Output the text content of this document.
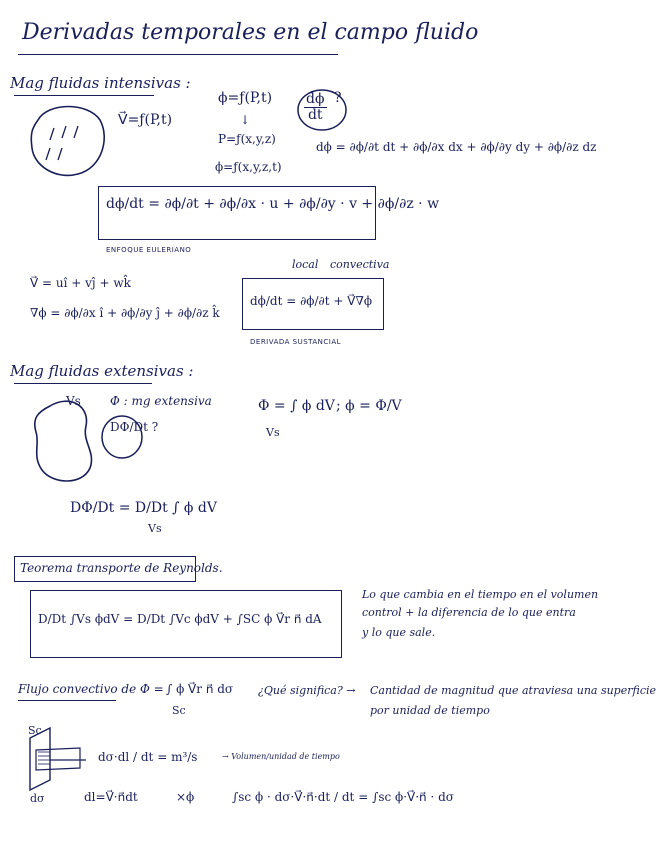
Derivadas temporales en el campo fluido
Mag fluidas intensivas :
V⃗=ƒ(P,t)
ϕ=ƒ(P,t)
↓
P=ƒ(x,y,z)
ϕ=ƒ(x,y,z,t)
$\frac{d\phi}{dt}$ ?
dϕ = ∂ϕ/∂t dt + ∂ϕ/∂x dx + ∂ϕ/∂y dy + ∂ϕ/∂z dz
dϕ/dt = ∂ϕ/∂t + ∂ϕ/∂x · u + ∂ϕ/∂y · v + ∂ϕ/∂z · w
ENFOQUE EULERIANO
V⃗ = uî + vĵ + wk̂
∇ϕ = ∂ϕ/∂x î + ∂ϕ/∂y ĵ + ∂ϕ/∂z k̂
local convectiva
dϕ/dt = ∂ϕ/∂t + V⃗∇ϕ
DERIVADA SUSTANCIAL
Mag fluidas extensivas :
Vs Φ : mg extensiva
DΦ/Dt ?
Φ = ∫ ϕ dV
Vs
; ϕ = Φ/V
DΦ/Dt = D/Dt ∫ ϕ dV
Vs
Teorema transporte de Reynolds.
D/Dt ∫Vs ϕdV = D/Dt ∫Vc ϕdV + ∫SC ϕ V⃗r n⃗ dA
Lo que cambia en el tiempo en el volumen
control + la diferencia de lo que entra
y lo que sale.
Flujo convectivo de Φ = ∫ ϕ V⃗r n⃗ dσ
Sc
¿Qué significa? → Cantidad de magnitud que atraviesa una superficie
por unidad de tiempo
Sc
dσ
dσ·dl / dt = m³/s	→ Volumen/unidad de tiempo
dl=V⃗·n⃗dt	×ϕ	∫sc ϕ · dσ·V⃗·n⃗·dt / dt = ∫sc ϕ·V⃗·n⃗ · dσ
